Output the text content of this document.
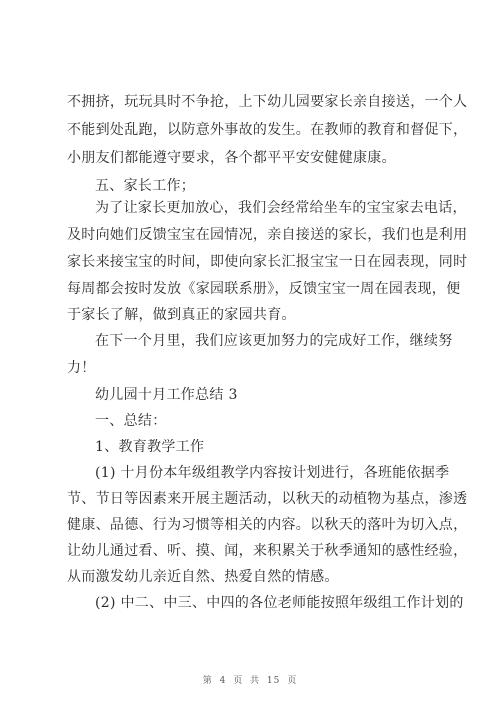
不拥挤，玩玩具时不争抢，上下幼儿园要家长亲自接送，一个人
不能到处乱跑，以防意外事故的发生。在教师的教育和督促下，
小朋友们都能遵守要求，各个都平平安安健健康康。
五、家长工作；
为了让家长更加放心，我们会经常给坐车的宝宝家去电话，
及时向她们反馈宝宝在园情况，亲自接送的家长，我们也是利用
家长来接宝宝的时间，即使向家长汇报宝宝一日在园表现，同时
每周都会按时发放《家园联系册》，反馈宝宝一周在园表现，便
于家长了解，做到真正的家园共育。
在下一个月里，我们应该更加努力的完成好工作，继续努
力！
幼儿园十月工作总结 3
一、总结：
1、教育教学工作
(1) 十月份本年级组教学内容按计划进行，各班能依据季
节、节日等因素来开展主题活动，以秋天的动植物为基点，渗透
健康、品德、行为习惯等相关的内容。以秋天的落叶为切入点，
让幼儿通过看、听、摸、闻，来积累关于秋季通知的感性经验，
从而激发幼儿亲近自然、热爱自然的情感。
(2) 中二、中三、中四的各位老师能按照年级组工作计划的
第 4 页 共 15 页
